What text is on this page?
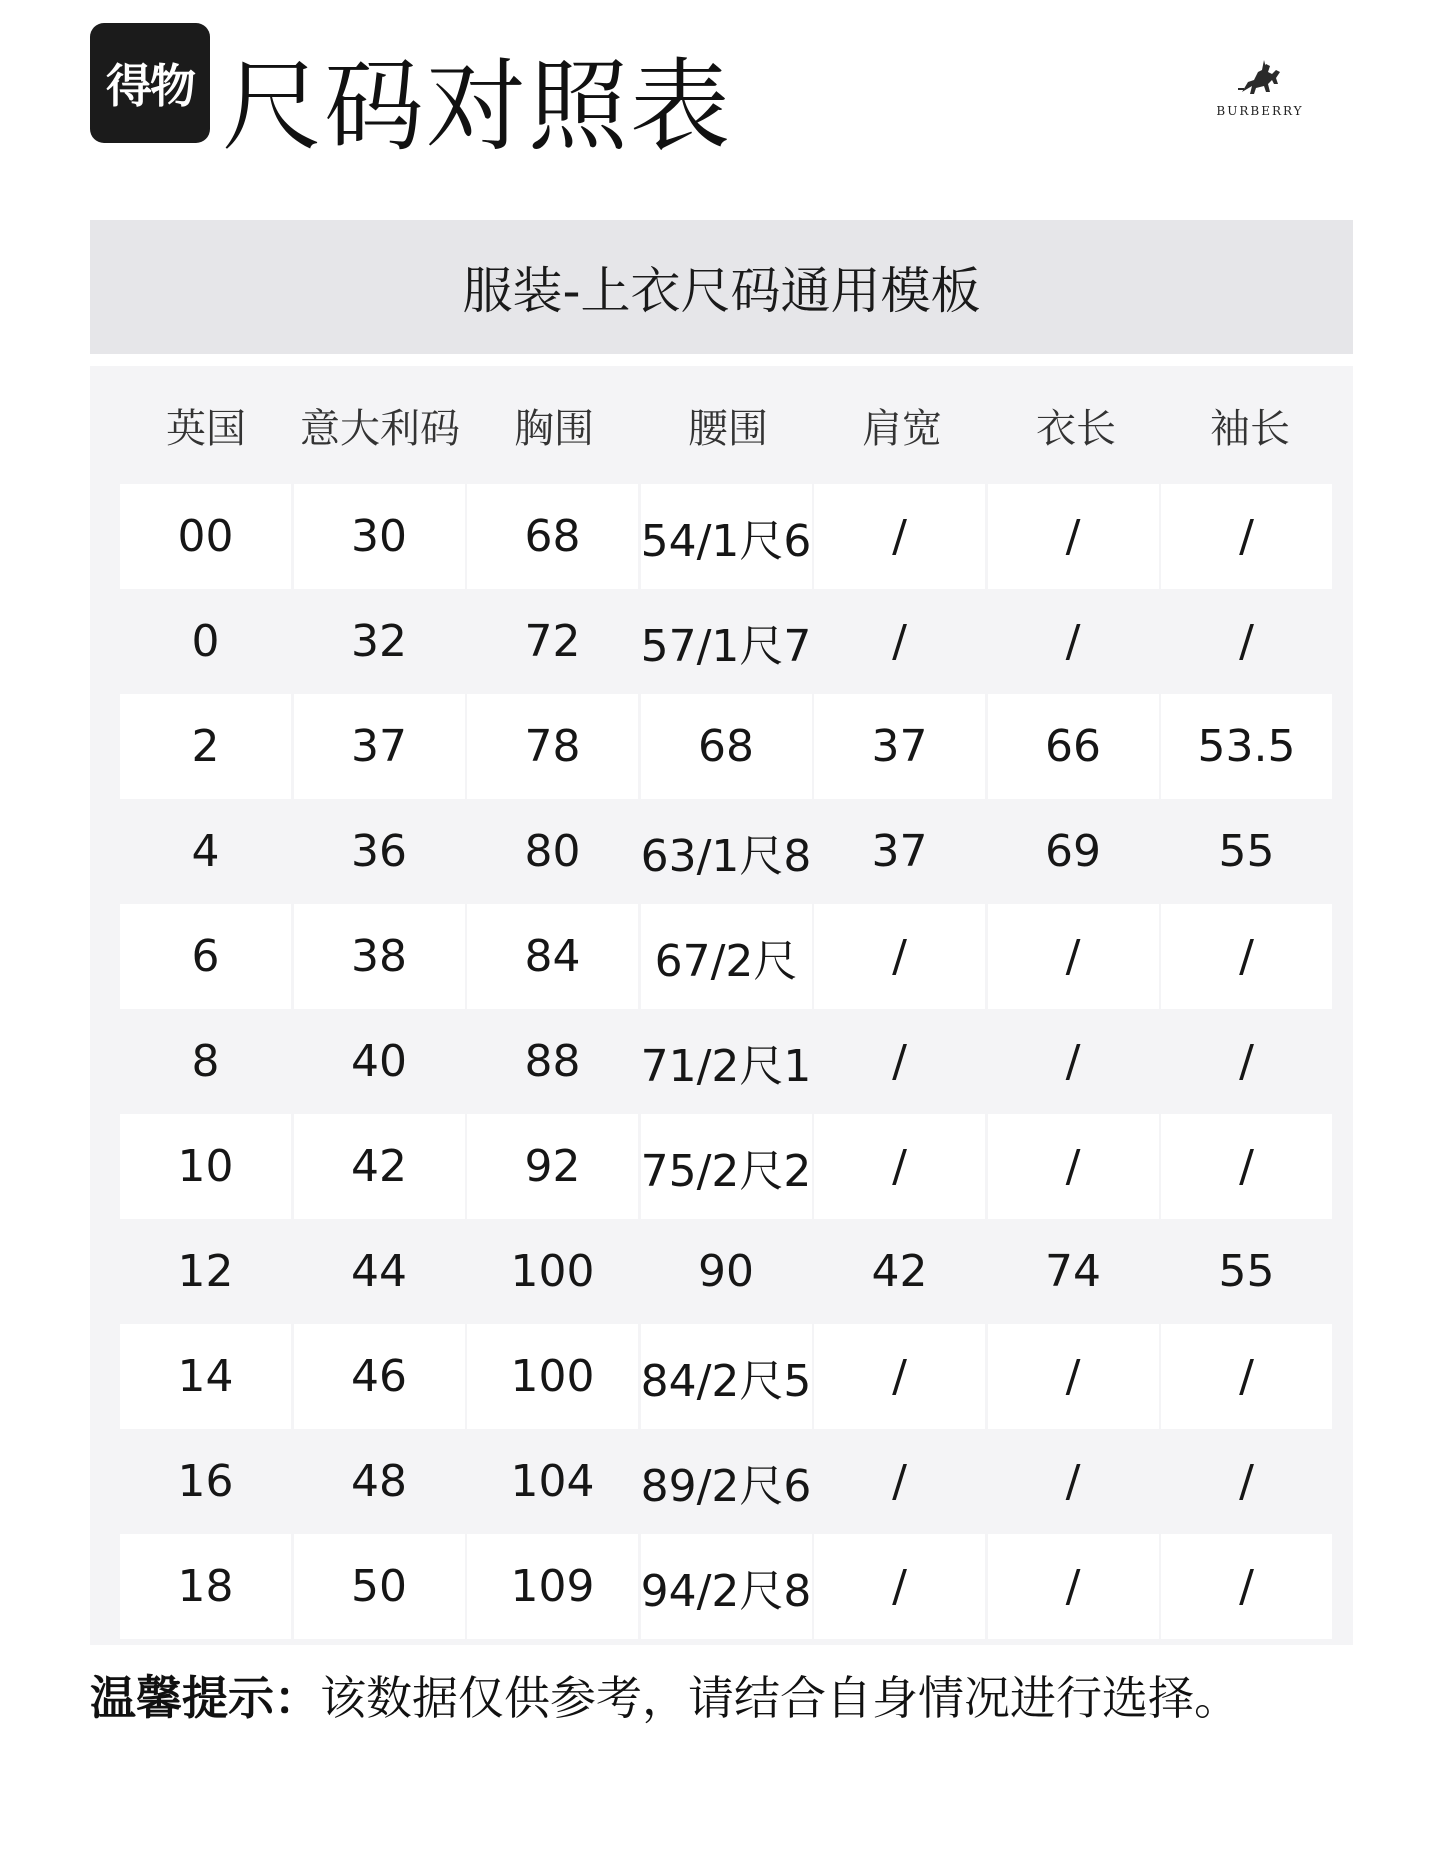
得物 尺码对照表	BURBERRY
服装-上衣尺码通用模板
英国	意大利码	胸围	腰围	肩宽	衣长	袖长
00	30	68	54/1尺6	/	/	/
0	32	72	57/1尺7	/	/	/
2	37	78	68	37	66	53.5
4	36	80	63/1尺8	37	69	55
6	38	84	67/2尺	/	/	/
8	40	88	71/2尺1	/	/	/
10	42	92	75/2尺2	/	/	/
12	44	100	90	42	74	55
14	46	100	84/2尺5	/	/	/
16	48	104	89/2尺6	/	/	/
18	50	109	94/2尺8	/	/	/
温馨提示：该数据仅供参考，请结合自身情况进行选择。
